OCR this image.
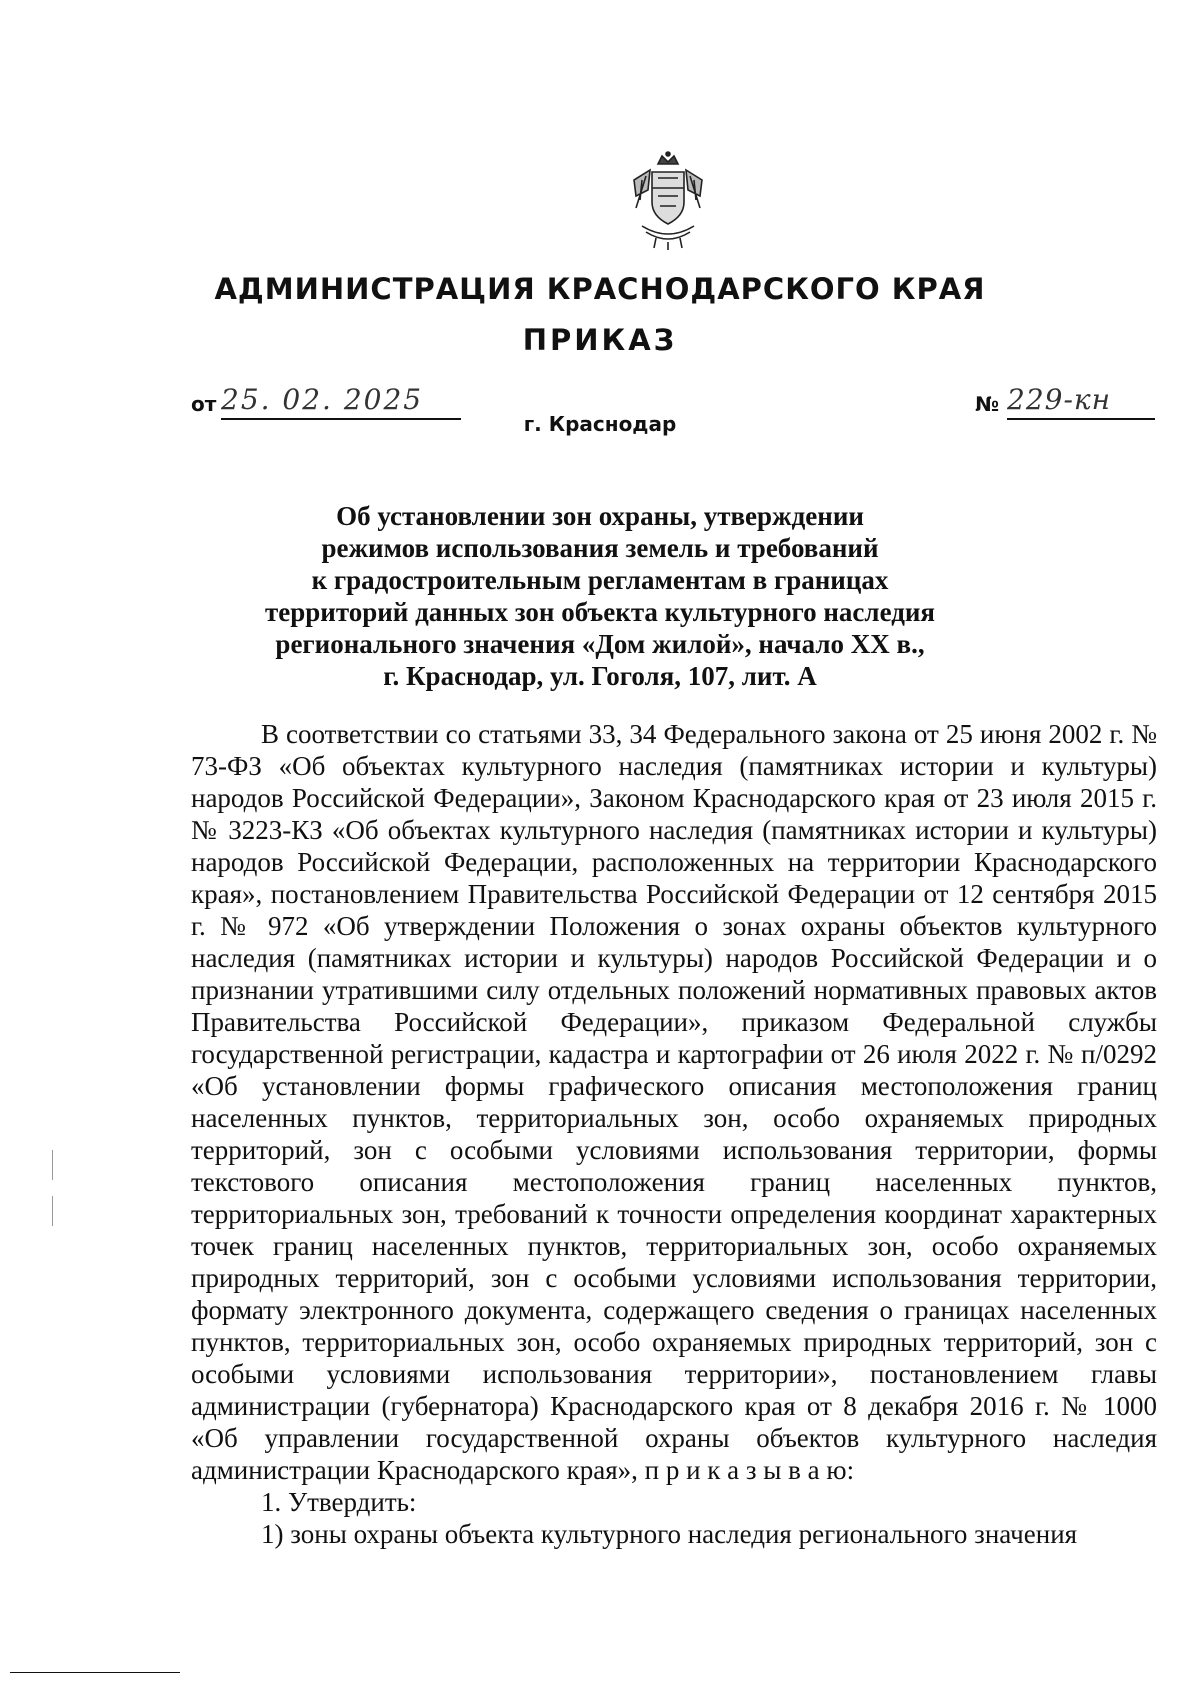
АДМИНИСТРАЦИЯ КРАСНОДАРСКОГО КРАЯ
ПРИКАЗ
от 25. 02. 2025	№ 229-кн
г. Краснодар
Об установлении зон охраны, утверждении
режимов использования земель и требований
к градостроительным регламентам в границах
территорий данных зон объекта культурного наследия
регионального значения «Дом жилой», начало XX в.,
г. Краснодар, ул. Гоголя, 107, лит. А

В соответствии со статьями 33, 34 Федерального закона от 25 июня 2002 г. № 73-ФЗ «Об объектах культурного наследия (памятниках истории и культуры) народов Российской Федерации», Законом Краснодарского края от 23 июля 2015 г. № 3223-КЗ «Об объектах культурного наследия (памятниках истории и культуры) народов Российской Федерации, расположенных на территории Краснодарского края», постановлением Правительства Российской Федерации от 12 сентября 2015 г. № 972 «Об утверждении Положения о зонах охраны объектов культурного наследия (памятниках истории и культуры) народов Российской Федерации и о признании утратившими силу отдельных положений нормативных правовых актов Правительства Российской Федерации», приказом Федеральной службы государственной регистрации, кадастра и картографии от 26 июля 2022 г. № п/0292 «Об установлении формы графического описания местоположения границ населенных пунктов, территориальных зон, особо охраняемых природных территорий, зон с особыми условиями использования территории, формы текстового описания местоположения границ населенных пунктов, территориальных зон, требований к точности определения координат характерных точек границ населенных пунктов, территориальных зон, особо охраняемых природных территорий, зон с особыми условиями использования территории, формату электронного документа, содержащего сведения о границах населенных пунктов, территориальных зон, особо охраняемых природных территорий, зон с особыми условиями использования территории», постановлением главы администрации (губернатора) Краснодарского края от 8 декабря 2016 г. № 1000 «Об управлении государственной охраны объектов культурного наследия администрации Краснодарского края», п р и к а з ы в а ю:

1. Утвердить:

1) зоны охраны объекта культурного наследия регионального значения
